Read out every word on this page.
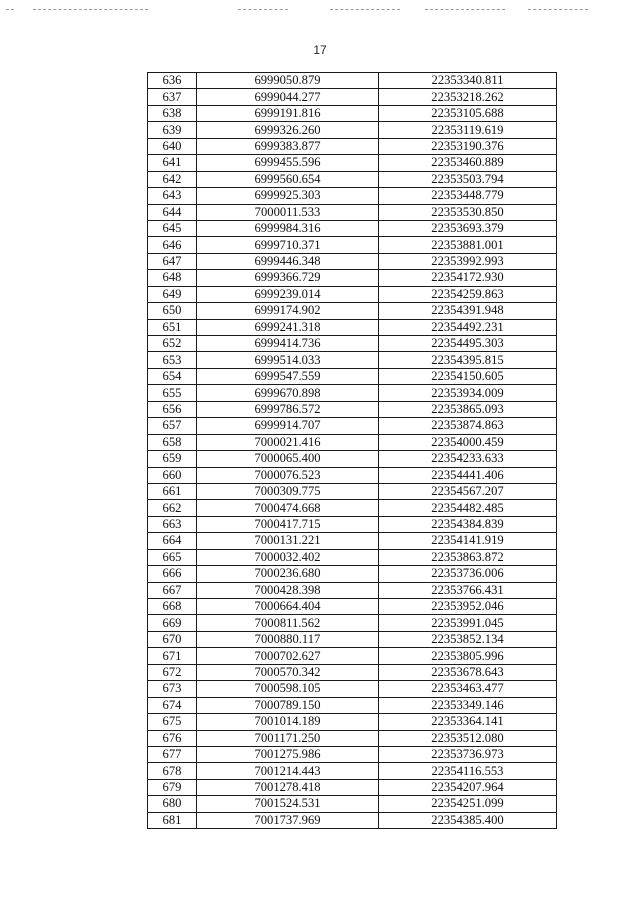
17
636	6999050.879	22353340.811
637	6999044.277	22353218.262
638	6999191.816	22353105.688
639	6999326.260	22353119.619
640	6999383.877	22353190.376
641	6999455.596	22353460.889
642	6999560.654	22353503.794
643	6999925.303	22353448.779
644	7000011.533	22353530.850
645	6999984.316	22353693.379
646	6999710.371	22353881.001
647	6999446.348	22353992.993
648	6999366.729	22354172.930
649	6999239.014	22354259.863
650	6999174.902	22354391.948
651	6999241.318	22354492.231
652	6999414.736	22354495.303
653	6999514.033	22354395.815
654	6999547.559	22354150.605
655	6999670.898	22353934.009
656	6999786.572	22353865.093
657	6999914.707	22353874.863
658	7000021.416	22354000.459
659	7000065.400	22354233.633
660	7000076.523	22354441.406
661	7000309.775	22354567.207
662	7000474.668	22354482.485
663	7000417.715	22354384.839
664	7000131.221	22354141.919
665	7000032.402	22353863.872
666	7000236.680	22353736.006
667	7000428.398	22353766.431
668	7000664.404	22353952.046
669	7000811.562	22353991.045
670	7000880.117	22353852.134
671	7000702.627	22353805.996
672	7000570.342	22353678.643
673	7000598.105	22353463.477
674	7000789.150	22353349.146
675	7001014.189	22353364.141
676	7001171.250	22353512.080
677	7001275.986	22353736.973
678	7001214.443	22354116.553
679	7001278.418	22354207.964
680	7001524.531	22354251.099
681	7001737.969	22354385.400
